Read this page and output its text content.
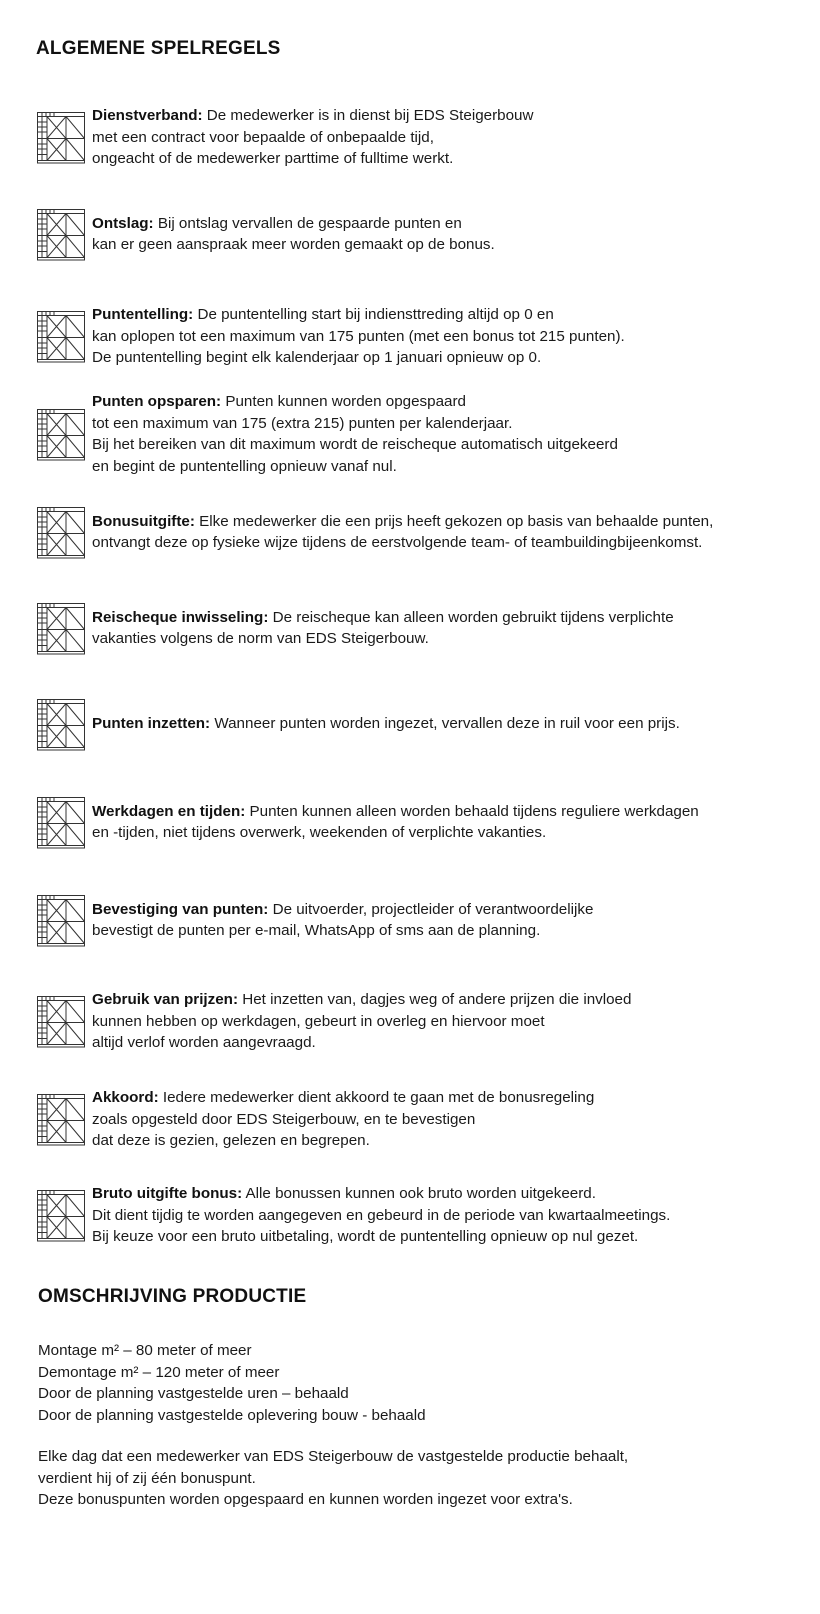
ALGEMENE SPELREGELS
Dienstverband: De medewerker is in dienst bij EDS Steigerbouw
met een contract voor bepaalde of onbepaalde tijd,
ongeacht of de medewerker parttime of fulltime werkt.
Ontslag: Bij ontslag vervallen de gespaarde punten en
kan er geen aanspraak meer worden gemaakt op de bonus.
Puntentelling: De puntentelling start bij indiensttreding altijd op 0 en
kan oplopen tot een maximum van 175 punten (met een bonus tot 215 punten).
De puntentelling begint elk kalenderjaar op 1 januari opnieuw op 0.
Punten opsparen: Punten kunnen worden opgespaard
tot een maximum van 175 (extra 215) punten per kalenderjaar.
Bij het bereiken van dit maximum wordt de reischeque automatisch uitgekeerd
en begint de puntentelling opnieuw vanaf nul.
Bonusuitgifte: Elke medewerker die een prijs heeft gekozen op basis van behaalde punten,
ontvangt deze op fysieke wijze tijdens de eerstvolgende team- of teambuildingbijeenkomst.
Reischeque inwisseling: De reischeque kan alleen worden gebruikt tijdens verplichte
vakanties volgens de norm van EDS Steigerbouw.
Punten inzetten: Wanneer punten worden ingezet, vervallen deze in ruil voor een prijs.
Werkdagen en tijden: Punten kunnen alleen worden behaald tijdens reguliere werkdagen
en -tijden, niet tijdens overwerk, weekenden of verplichte vakanties.
Bevestiging van punten: De uitvoerder, projectleider of verantwoordelijke
bevestigt de punten per e-mail, WhatsApp of sms aan de planning.
Gebruik van prijzen: Het inzetten van, dagjes weg of andere prijzen die invloed
kunnen hebben op werkdagen, gebeurt in overleg en hiervoor moet
altijd verlof worden aangevraagd.
Akkoord: Iedere medewerker dient akkoord te gaan met de bonusregeling
zoals opgesteld door EDS Steigerbouw, en te bevestigen
dat deze is gezien, gelezen en begrepen.
Bruto uitgifte bonus: Alle bonussen kunnen ook bruto worden uitgekeerd.
Dit dient tijdig te worden aangegeven en gebeurd in de periode van kwartaalmeetings.
Bij keuze voor een bruto uitbetaling, wordt de puntentelling opnieuw op nul gezet.
OMSCHRIJVING PRODUCTIE
Montage m² – 80 meter of meer
Demontage m² – 120 meter of meer
Door de planning vastgestelde uren – behaald
Door de planning vastgestelde oplevering bouw - behaald
Elke dag dat een medewerker van EDS Steigerbouw de vastgestelde productie behaalt,
verdient hij of zij één bonuspunt.
Deze bonuspunten worden opgespaard en kunnen worden ingezet voor extra's.
